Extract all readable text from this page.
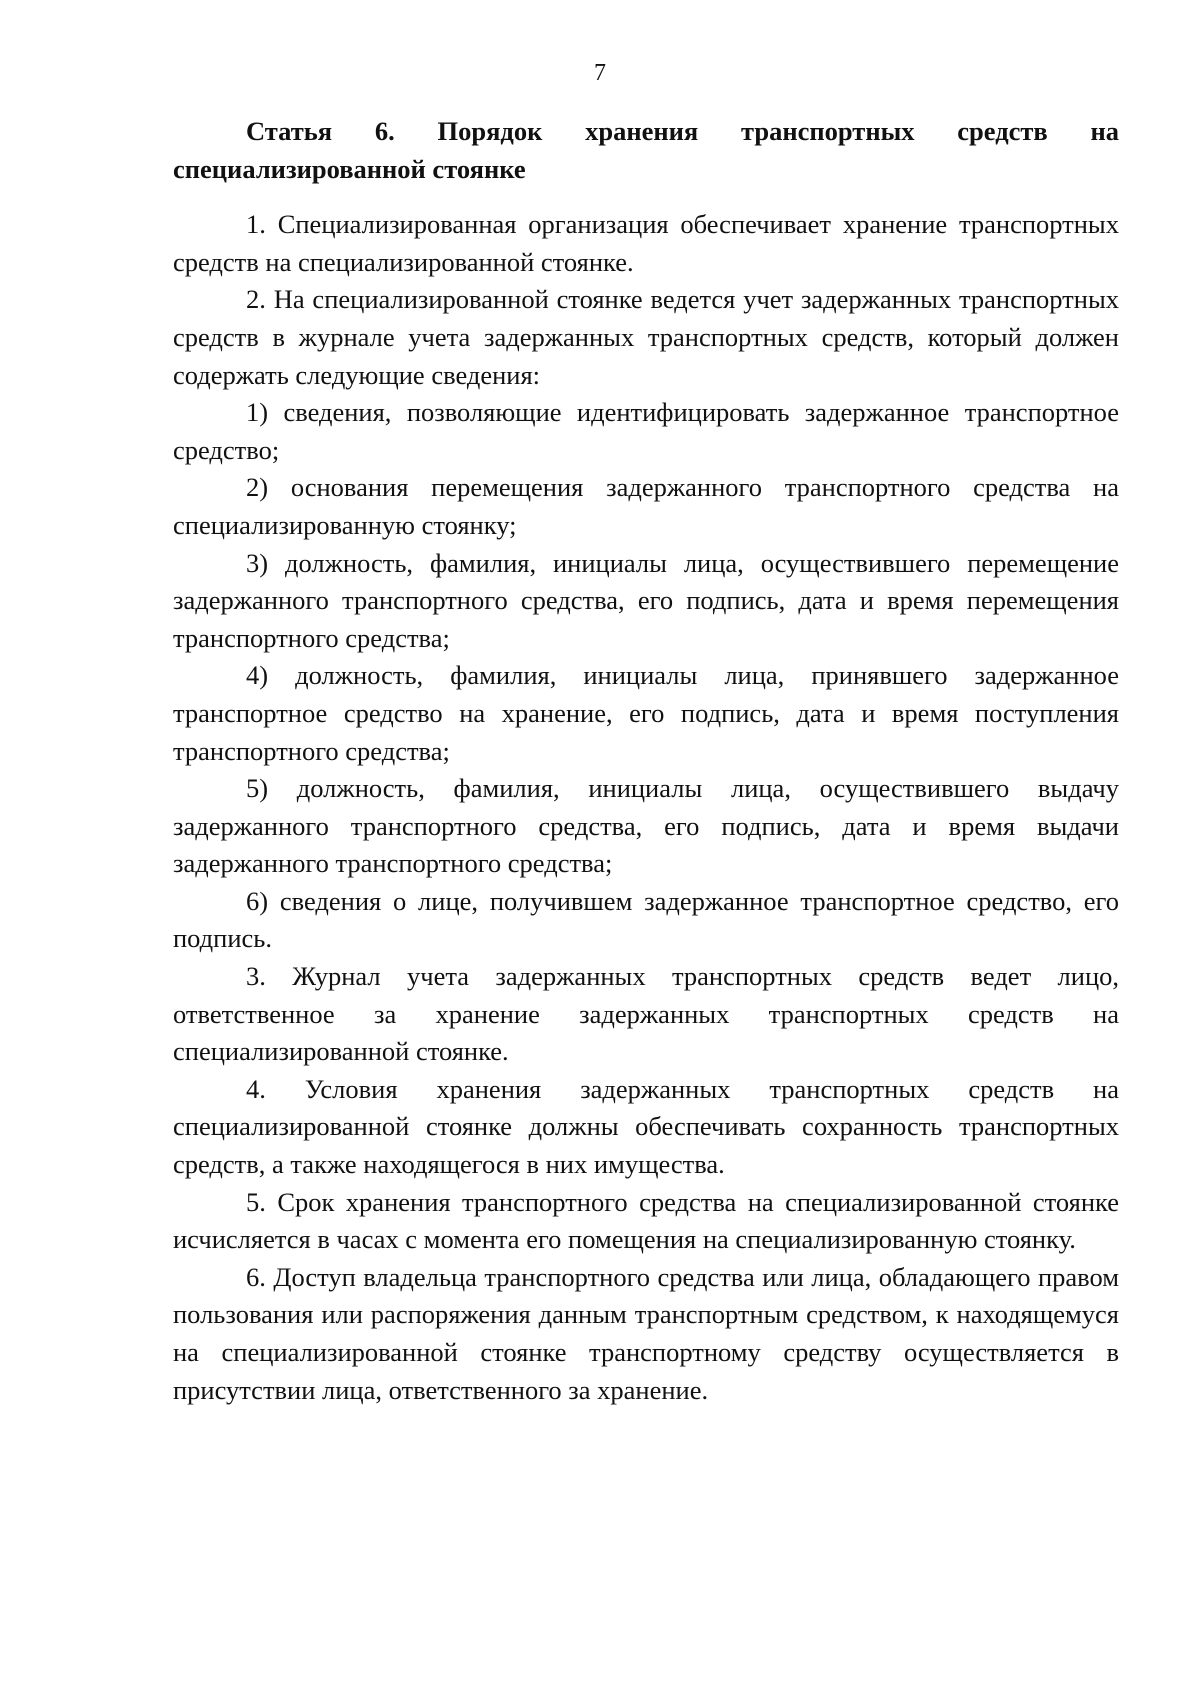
7

Статья 6. Порядок хранения транспортных средств на специализированной стоянке

1. Специализированная организация обеспечивает хранение транспортных средств на специализированной стоянке.

2. На специализированной стоянке ведется учет задержанных транспортных средств в журнале учета задержанных транспортных средств, который должен содержать следующие сведения:

1) сведения, позволяющие идентифицировать задержанное транспортное средство;

2) основания перемещения задержанного транспортного средства на специализированную стоянку;

3) должность, фамилия, инициалы лица, осуществившего перемещение задержанного транспортного средства, его подпись, дата и время перемещения транспортного средства;

4) должность, фамилия, инициалы лица, принявшего задержанное транспортное средство на хранение, его подпись, дата и время поступления транспортного средства;

5) должность, фамилия, инициалы лица, осуществившего выдачу задержанного транспортного средства, его подпись, дата и время выдачи задержанного транспортного средства;

6) сведения о лице, получившем задержанное транспортное средство, его подпись.

3. Журнал учета задержанных транспортных средств ведет лицо, ответственное за хранение задержанных транспортных средств на специализированной стоянке.

4. Условия хранения задержанных транспортных средств на специализированной стоянке должны обеспечивать сохранность транспортных средств, а также находящегося в них имущества.

5. Срок хранения транспортного средства на специализированной стоянке исчисляется в часах с момента его помещения на специализированную стоянку.

6. Доступ владельца транспортного средства или лица, обладающего правом пользования или распоряжения данным транспортным средством, к находящемуся на специализированной стоянке транспортному средству осуществляется в присутствии лица, ответственного за хранение.
